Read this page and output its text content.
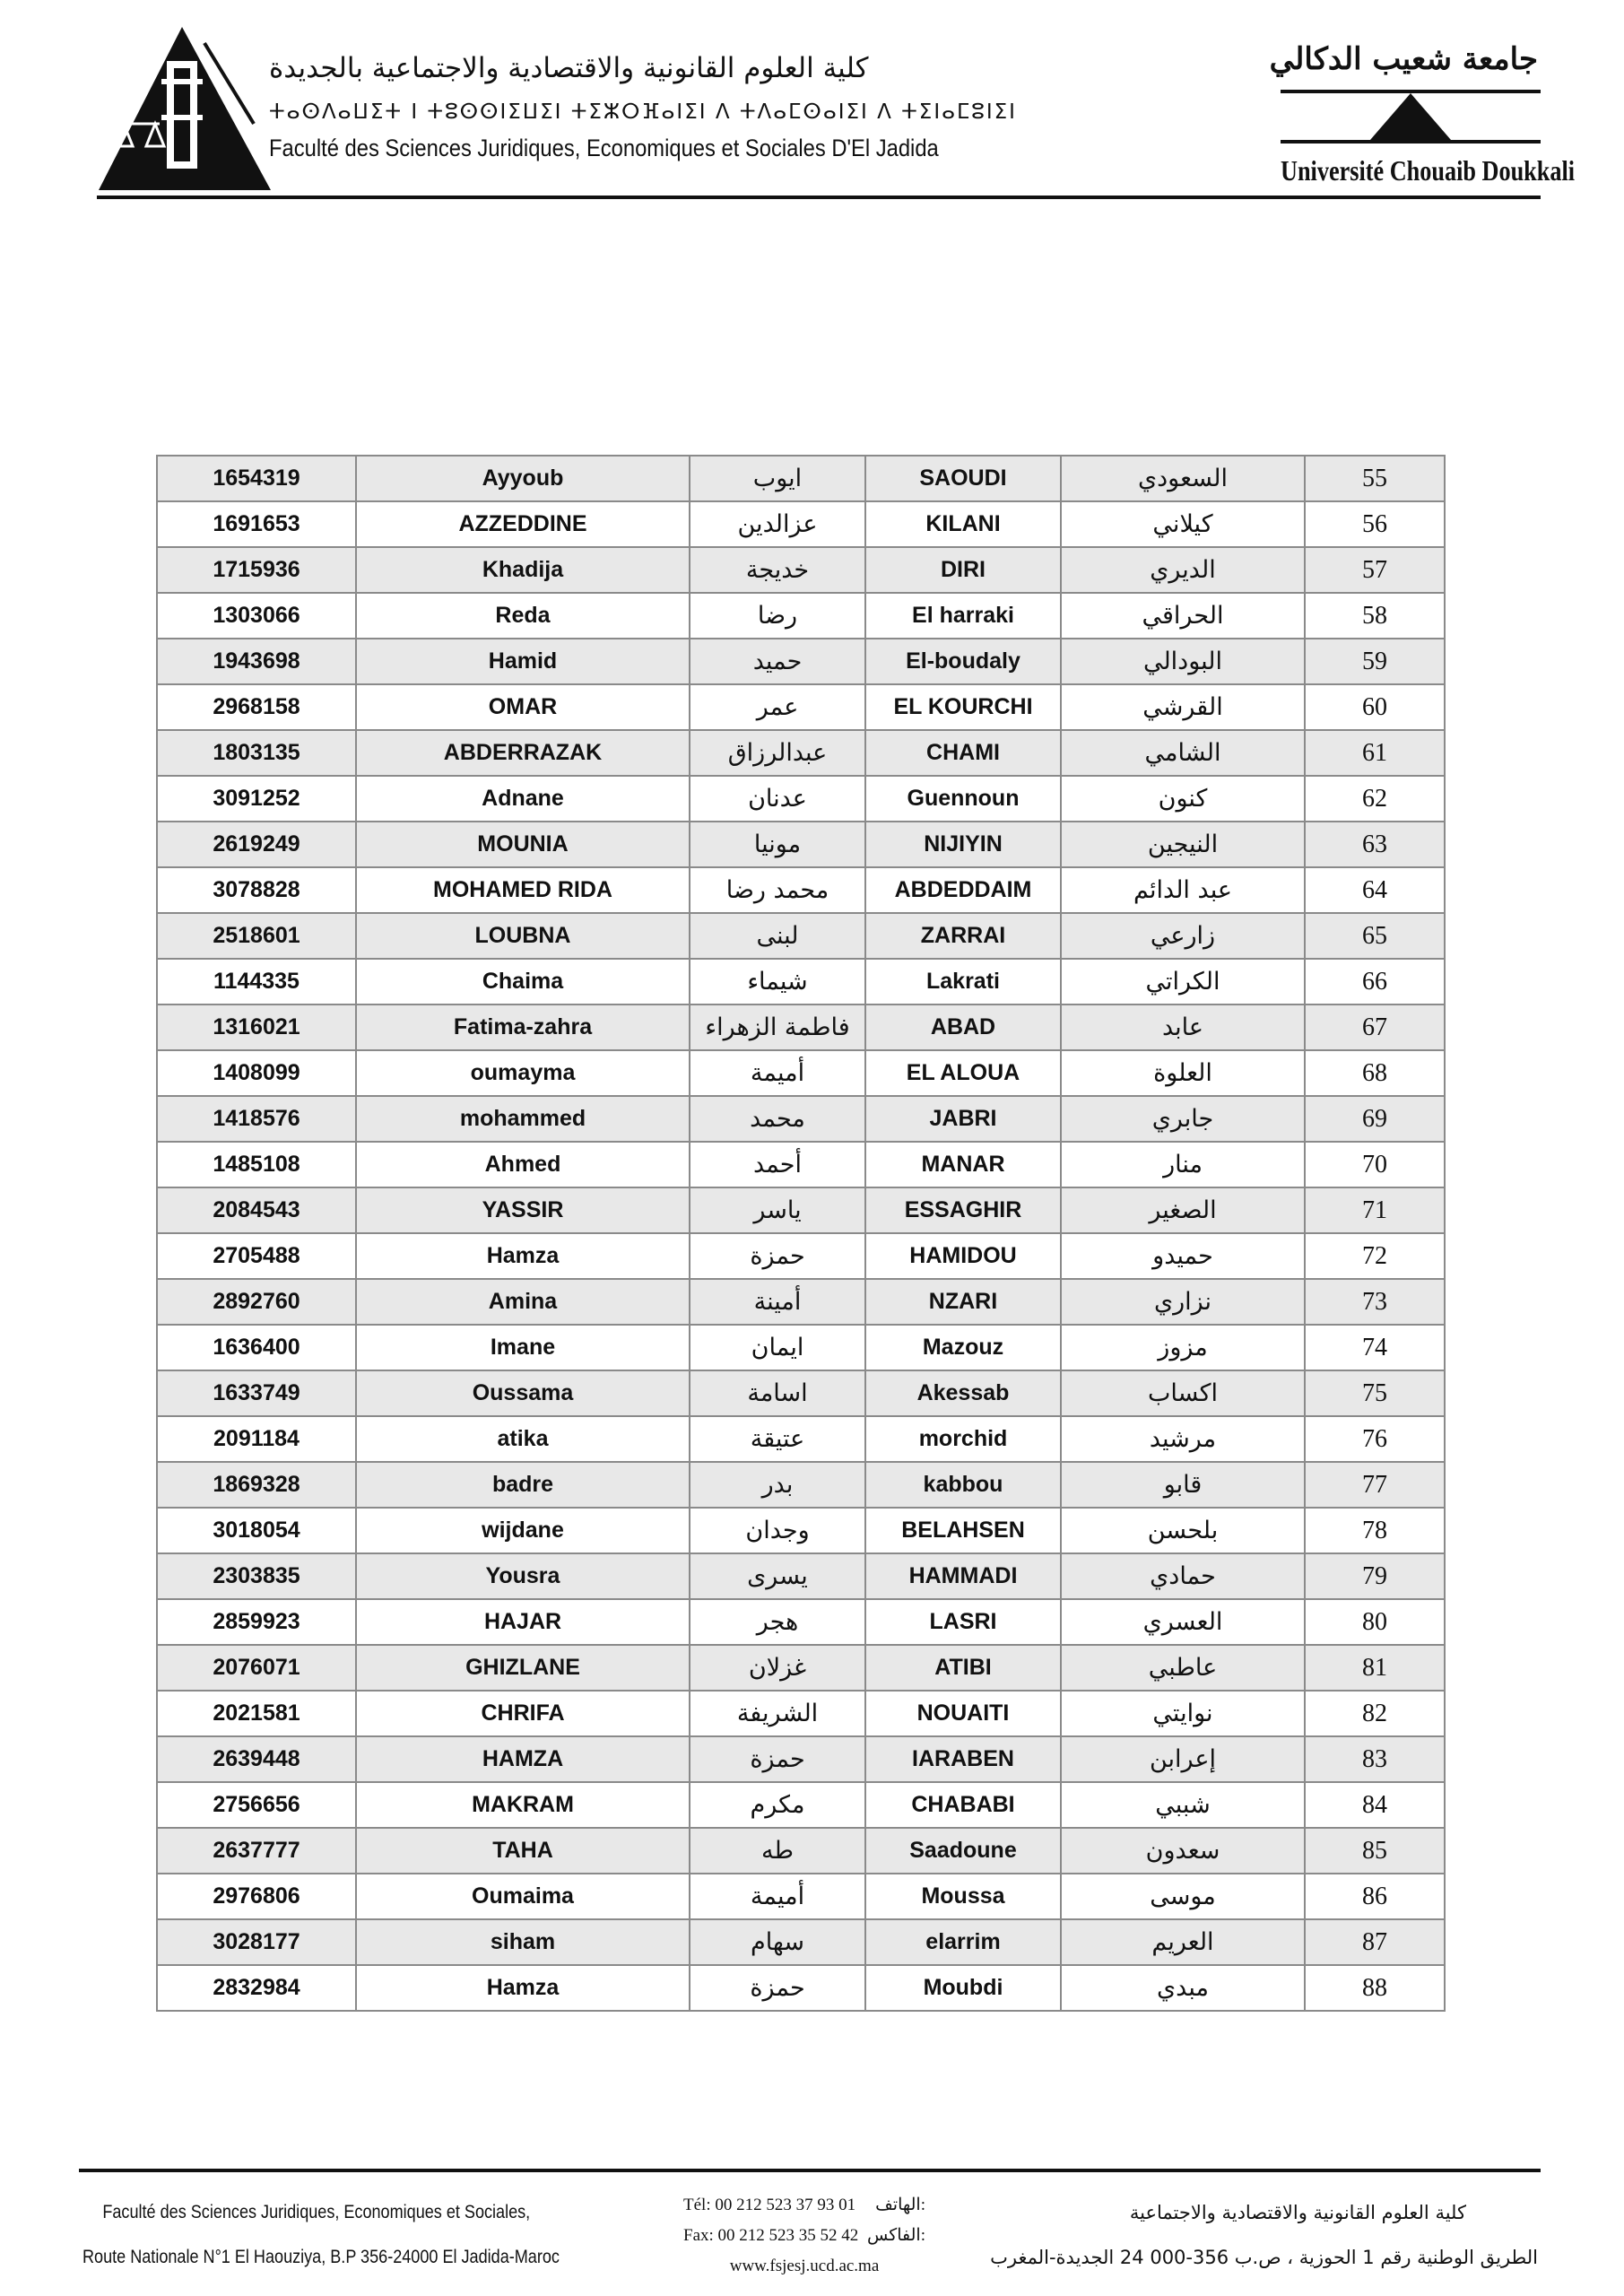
كلية العلوم القانونية والاقتصادية والاجتماعية بالجديدة
ⵜⴰⵙⴷⴰⵡⵉⵜ ⵏ ⵜⵓⵙⵙⵏⵉⵡⵉⵏ ⵜⵉⵣⵔⴼⴰⵏⵉⵏ ⴷ ⵜⴷⴰⵎⵙⴰⵏⵉⵏ ⴷ ⵜⵉⵏⴰⵎⵓⵏⵉⵏ
Faculté des Sciences Juridiques, Economiques et Sociales D'El Jadida
جامعة شعيب الدكالي
Université Chouaib Doukkali
1654319	Ayyoub	ايوب	SAOUDI	السعودي	55
1691653	AZZEDDINE	عزالدين	KILANI	كيلاني	56
1715936	Khadija	خديجة	DIRI	الديري	57
1303066	Reda	رضا	El harraki	الحراقي	58
1943698	Hamid	حميد	El-boudaly	البودالي	59
2968158	OMAR	عمر	EL KOURCHI	القرشي	60
1803135	ABDERRAZAK	عبدالرزاق	CHAMI	الشامي	61
3091252	Adnane	عدنان	Guennoun	كنون	62
2619249	MOUNIA	مونيا	NIJIYIN	النيجين	63
3078828	MOHAMED RIDA	محمد رضا	ABDEDDAIM	عبد الدائم	64
2518601	LOUBNA	لبنى	ZARRAI	زارعي	65
1144335	Chaima	شيماء	Lakrati	الكراتي	66
1316021	Fatima-zahra	فاطمة الزهراء	ABAD	عابد	67
1408099	oumayma	أميمة	EL ALOUA	العلوة	68
1418576	mohammed	محمد	JABRI	جابري	69
1485108	Ahmed	أحمد	MANAR	منار	70
2084543	YASSIR	ياسر	ESSAGHIR	الصغير	71
2705488	Hamza	حمزة	HAMIDOU	حميدو	72
2892760	Amina	أمينة	NZARI	نزاري	73
1636400	Imane	ايمان	Mazouz	مزوز	74
1633749	Oussama	اسامة	Akessab	اكساب	75
2091184	atika	عتيقة	morchid	مرشيد	76
1869328	badre	بدر	kabbou	قابو	77
3018054	wijdane	وجدان	BELAHSEN	بلحسن	78
2303835	Yousra	يسرى	HAMMADI	حمادي	79
2859923	HAJAR	هجر	LASRI	العسري	80
2076071	GHIZLANE	غزلان	ATIBI	عاطبي	81
2021581	CHRIFA	الشريفة	NOUAITI	نوايتي	82
2639448	HAMZA	حمزة	IARABEN	إعرابن	83
2756656	MAKRAM	مكرم	CHABABI	شببي	84
2637777	TAHA	طه	Saadoune	سعدون	85
2976806	Oumaima	أميمة	Moussa	موسى	86
3028177	siham	سهام	elarrim	العريم	87
2832984	Hamza	حمزة	Moubdi	مبدي	88
Faculté des Sciences Juridiques, Economiques et Sociales,
Route Nationale N°1 El Haouziya, B.P 356-24000 El Jadida-Maroc
Tél: 00 212 523 37 93 01 الهاتف:
Fax: 00 212 523 35 52 42 الفاكس:
www.fsjesj.ucd.ac.ma
كلية العلوم القانونية والاقتصادية والاجتماعية
الطريق الوطنية رقم 1 الحوزية ، ص.ب 356-000 24 الجديدة-المغرب
